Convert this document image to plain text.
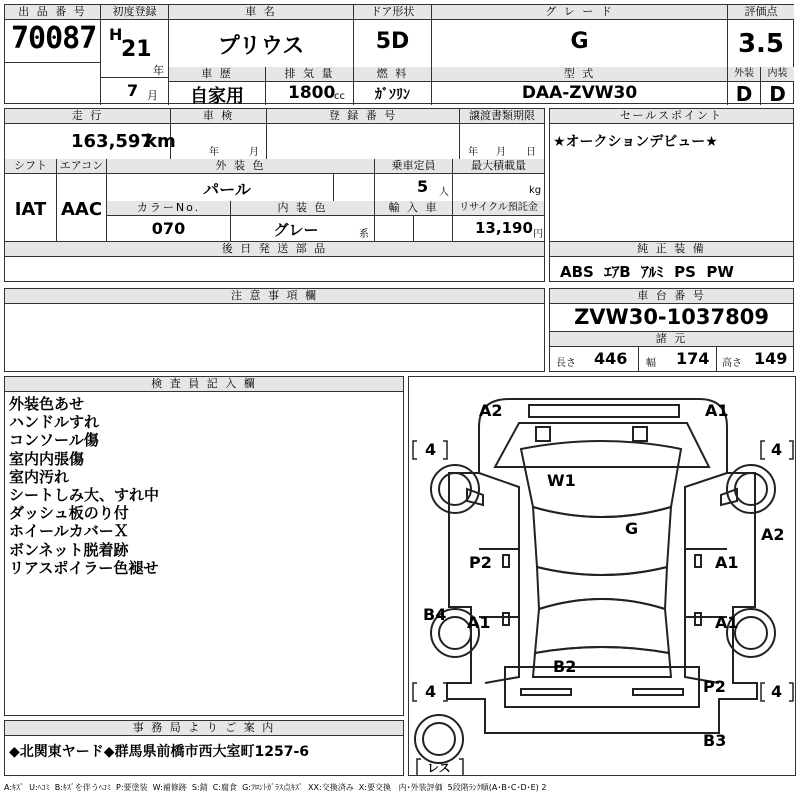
出 品 番 号
70087
初度登録
H
21
年
7 月
車 名
プリウス
ドア形状
5D
グ レ ー ド
G
評価点
3.5
車 歴
自家用
排 気 量
1800
cc
燃 料
ｶﾞｿﾘﾝ
型 式
DAA-ZVW30
外装
D
内装
D
走 行
163,597
km
車 検
年	月
登 録 番 号	譲渡書類期限
年 月 日
シフト
IAT
エアコン
AAC
外 装 色
パール
乗車定員
5 人
最大積載量
kg
カラーNo.
070
内 装 色
グレー	系
輸 入 車	リサイクル預託金
13,190 円
後 日 発 送 部 品
セールスポイント
★オークションデビュー★
純 正 装 備
ABS  ｴｱB  ｱﾙﾐ  PS  PW
注 意 事 項 欄	車 台 番 号
ZVW30-1037809
諸 元
長さ 446 幅 174 高さ 149
検 査 員 記 入 欄
外装色あせ
ハンドルすれ
コンソール傷
室内内張傷
室内汚れ
シートしみ大、すれ中
ダッシュ板のり付
ホイールカバーＸ
ボンネット脱着跡
リアスポイラー色褪せ
事 務 局 よ り ご 案 内
◆北関東ヤード◆群馬県前橋市西大室町1257-6
A2	A1
W1
G	A2
P2	A1
B4 A1	A1
B2
P2
B3
4	4
4	4
レス
A:ｷｽﾞ  U:ﾍｺﾐ  B:ｷｽﾞを伴うﾍｺﾐ  P:要塗装  W:補修跡  S:錆  C:腐食  G:ﾌﾛﾝﾄｶﾞﾗｽ点ｷｽﾞ  XX:交換済み  X:要交換   内･外装評価  5段階ﾗﾝｸ順(A･B･C･D･E) 2
